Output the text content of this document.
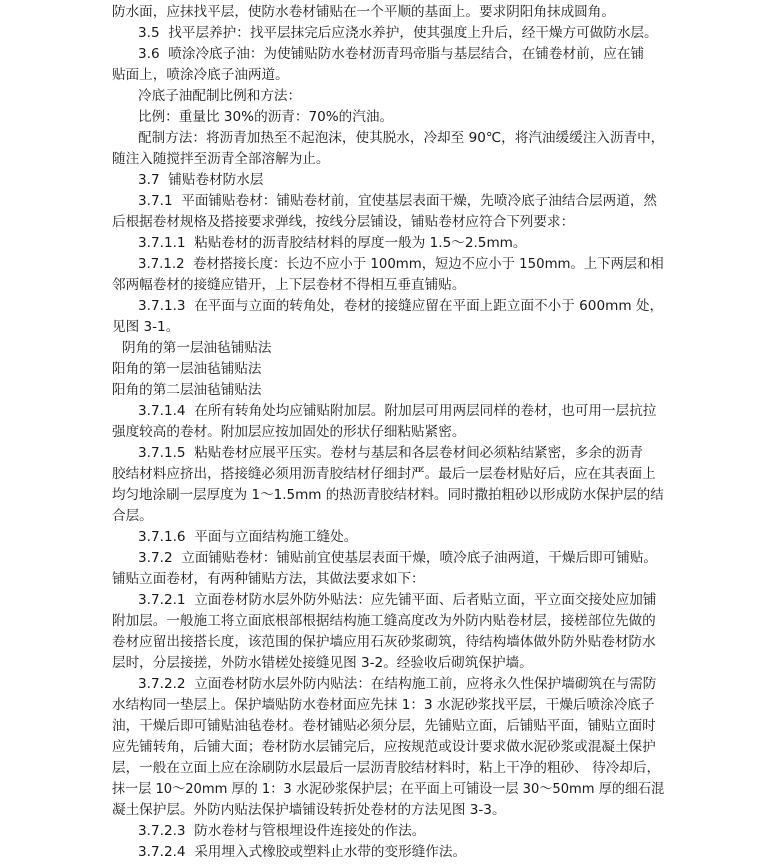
防水面，应抹找平层，使防水卷材铺贴在一个平顺的基面上。要求阴阳角抹成圆角。
3.5  找平层养护：找平层抹完后应浇水养护，使其强度上升后，经干燥方可做防水层。
3.6  喷涂冷底子油：为使铺贴防水卷材沥青玛帝脂与基层结合，在铺卷材前，应在铺
贴面上，喷涂冷底子油两道。
冷底子油配制比例和方法：
比例：重量比 30%的沥青：70%的汽油。
配制方法：将沥青加热至不起泡沫，使其脱水，冷却至 90℃，将汽油缓缓注入沥青中，
随注入随搅拌至沥青全部溶解为止。
3.7  铺贴卷材防水层
3.7.1  平面铺贴卷材：铺贴卷材前，宜使基层表面干燥，先喷冷底子油结合层两道，然
后根据卷材规格及搭接要求弹线，按线分层铺设，铺贴卷材应符合下列要求：
3.7.1.1  粘贴卷材的沥青胶结材料的厚度一般为 1.5～2.5mm。
3.7.1.2  卷材搭接长度：长边不应小于 100mm，短边不应小于 150mm。上下两层和相
邻两幅卷材的接缝应错开，上下层卷材不得相互垂直铺贴。
3.7.1.3  在平面与立面的转角处，卷材的接缝应留在平面上距立面不小于 600mm 处，
见图 3-1。
阴角的第一层油毡铺贴法
阳角的第一层油毡铺贴法
阳角的第二层油毡铺贴法
3.7.1.4  在所有转角处均应铺贴附加层。附加层可用两层同样的卷材，也可用一层抗拉
强度较高的卷材。附加层应按加固处的形状仔细粘贴紧密。
3.7.1.5  粘贴卷材应展平压实。卷材与基层和各层卷材间必须粘结紧密，多余的沥青
胶结材料应挤出，搭接缝必须用沥青胶结材仔细封严。最后一层卷材贴好后，应在其表面上
均匀地涂刷一层厚度为 1～1.5mm 的热沥青胶结材料。同时撒拍粗砂以形成防水保护层的结
合层。
3.7.1.6  平面与立面结构施工缝处。
3.7.2  立面铺贴卷材：铺贴前宜使基层表面干燥，喷冷底子油两道，干燥后即可铺贴。
铺贴立面卷材，有两种铺贴方法，其做法要求如下：
3.7.2.1  立面卷材防水层外防外贴法：应先铺平面、后者贴立面，平立面交接处应加铺
附加层。一般施工将立面底根部根据结构施工缝高度改为外防内贴卷材层，接槎部位先做的
卷材应留出接搭长度，该范围的保护墙应用石灰砂浆砌筑，待结构墙体做外防外贴卷材防水
层时，分层接搓，外防水错槎处接缝见图 3-2。经验收后砌筑保护墙。
3.7.2.2  立面卷材防水层外防内贴法：在结构施工前，应将永久性保护墙砌筑在与需防
水结构同一垫层上。保护墙贴防水卷材面应先抹 1：3 水泥砂浆找平层，干燥后喷涂冷底子
油，干燥后即可铺贴油毡卷材。卷材铺贴必须分层，先铺贴立面，后铺贴平面，铺贴立面时
应先铺转角，后铺大面；卷材防水层铺完后，应按规范或设计要求做水泥砂浆或混凝土保护
层，一般在立面上应在涂刷防水层最后一层沥青胶结材料时，粘上干净的粗砂、 待冷却后，
抹一层 10～20mm 厚的 1：3 水泥砂浆保护层；在平面上可铺设一层 30～50mm 厚的细石混
凝土保护层。外防内贴法保护墙铺设转折处卷材的方法见图 3-3。
3.7.2.3  防水卷材与管根埋设件连接处的作法。
3.7.2.4  采用埋入式橡胶或塑料止水带的变形缝作法。
